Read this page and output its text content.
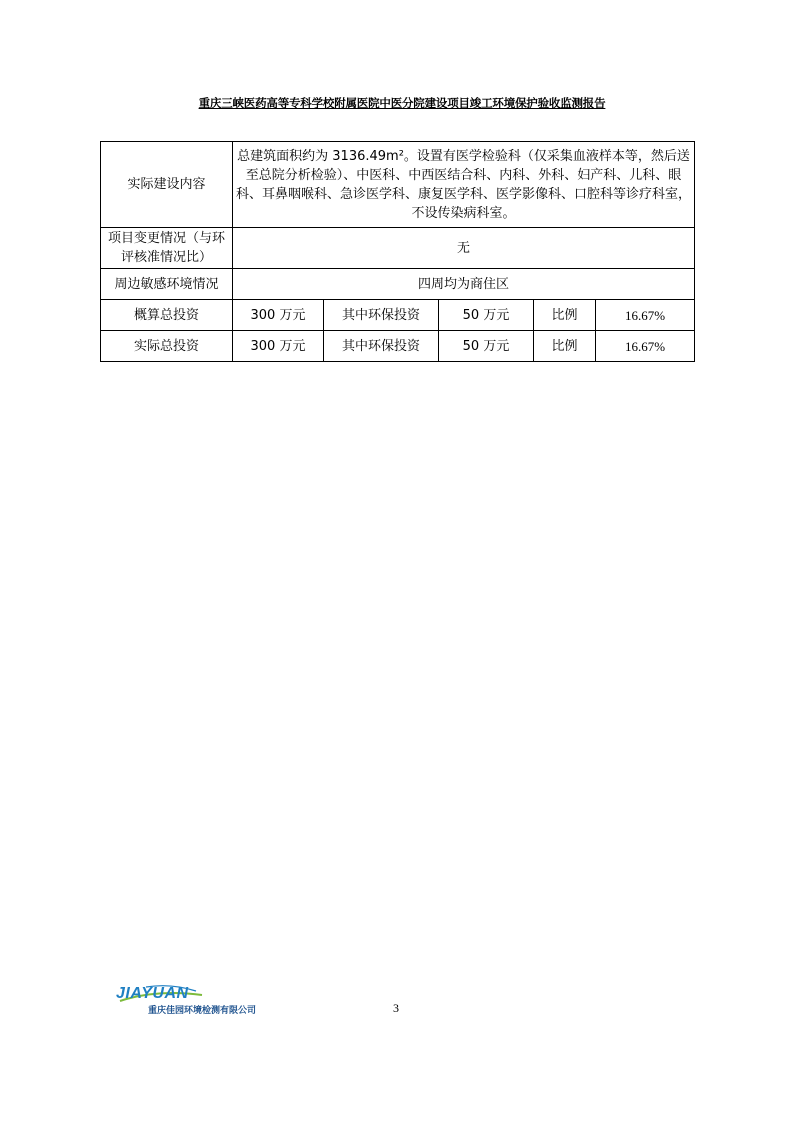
重庆三峡医药高等专科学校附属医院中医分院建设项目竣工环境保护验收监测报告
实际建设内容	总建筑面积约为 3136.49m²。设置有医学检验科（仅采集血液样本等，然后送至总院分析检验）、中医科、中西医结合科、内科、外科、妇产科、儿科、眼科、耳鼻咽喉科、急诊医学科、康复医学科、医学影像科、口腔科等诊疗科室，不设传染病科室。				
项目变更情况（与环评核准情况比）	无				
周边敏感环境情况	四周均为商住区				
概算总投资	300 万元	其中环保投资	50 万元	比例	16.67%
实际总投资	300 万元	其中环保投资	50 万元	比例	16.67%
JIAYUAN
重庆佳园环境检测有限公司	3
